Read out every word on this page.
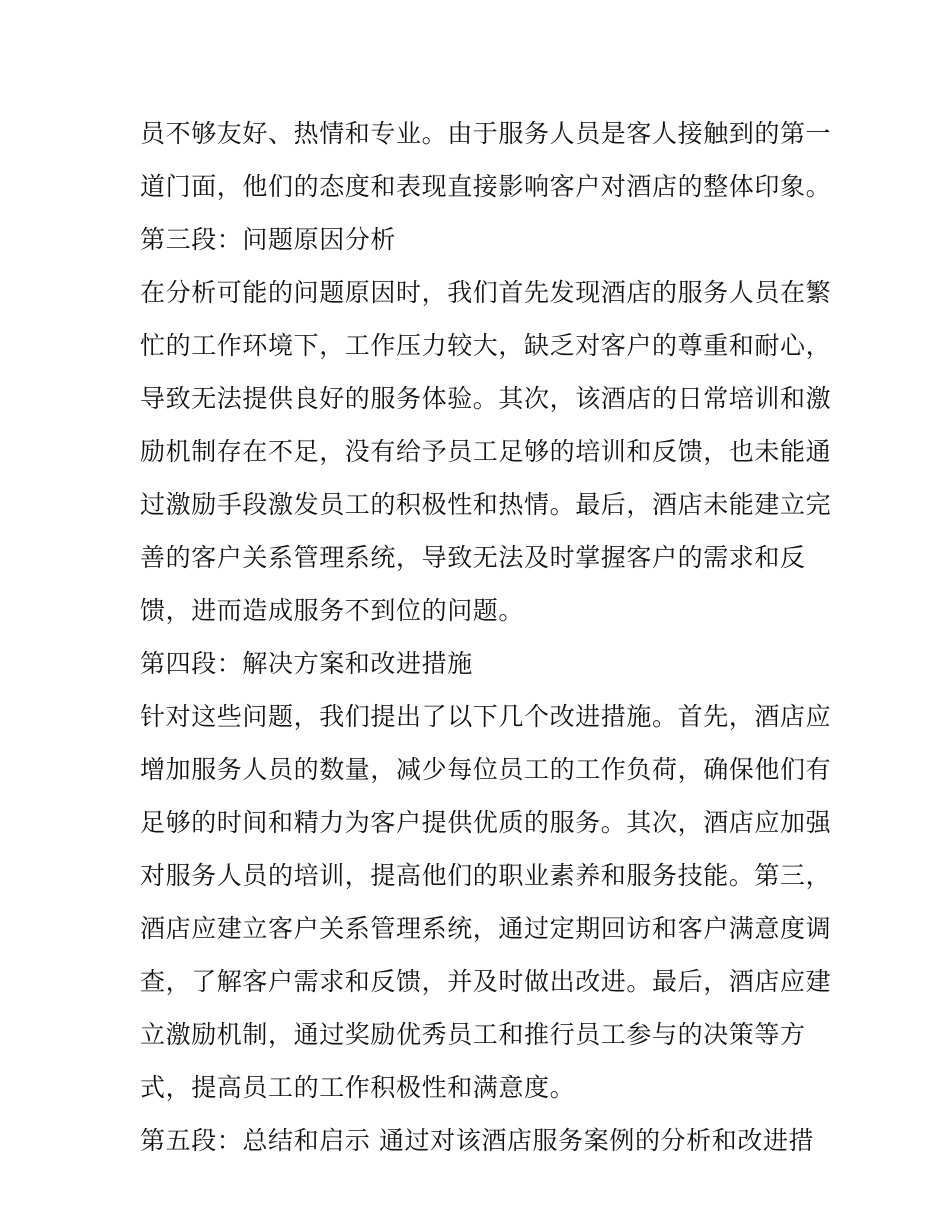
员不够友好、热情和专业。由于服务人员是客人接触到的第一
道门面，他们的态度和表现直接影响客户对酒店的整体印象。
第三段：问题原因分析
在分析可能的问题原因时，我们首先发现酒店的服务人员在繁
忙的工作环境下，工作压力较大，缺乏对客户的尊重和耐心，
导致无法提供良好的服务体验。其次，该酒店的日常培训和激
励机制存在不足，没有给予员工足够的培训和反馈，也未能通
过激励手段激发员工的积极性和热情。最后，酒店未能建立完
善的客户关系管理系统，导致无法及时掌握客户的需求和反
馈，进而造成服务不到位的问题。
第四段：解决方案和改进措施
针对这些问题，我们提出了以下几个改进措施。首先，酒店应
增加服务人员的数量，减少每位员工的工作负荷，确保他们有
足够的时间和精力为客户提供优质的服务。其次，酒店应加强
对服务人员的培训，提高他们的职业素养和服务技能。第三，
酒店应建立客户关系管理系统，通过定期回访和客户满意度调
查，了解客户需求和反馈，并及时做出改进。最后，酒店应建
立激励机制，通过奖励优秀员工和推行员工参与的决策等方
式，提高员工的工作积极性和满意度。
第五段：总结和启示 通过对该酒店服务案例的分析和改进措
